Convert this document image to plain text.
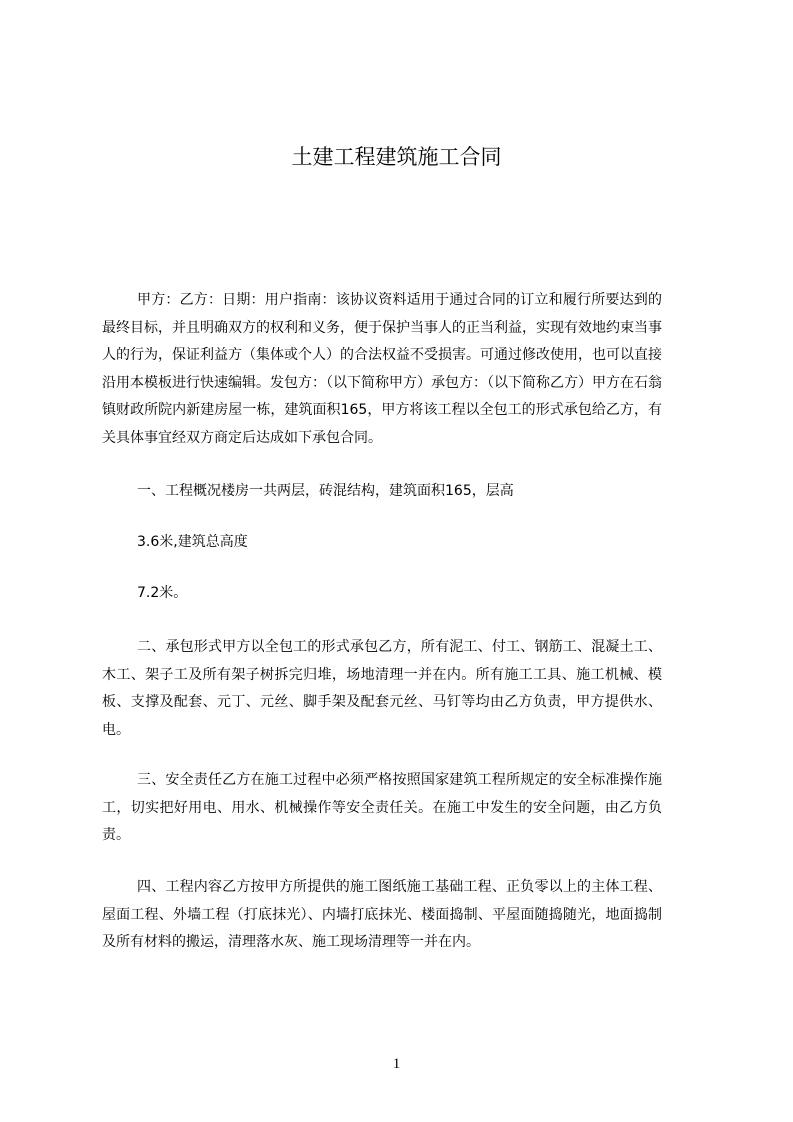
土建工程建筑施工合同

甲方：乙方：日期：用户指南：该协议资料适用于通过合同的订立和履行所要达到的最终目标，并且明确双方的权利和义务，便于保护当事人的正当利益，实现有效地约束当事人的行为，保证利益方（集体或个人）的合法权益不受损害。可通过修改使用，也可以直接沿用本模板进行快速编辑。发包方：（以下简称甲方）承包方：（以下简称乙方）甲方在石翁镇财政所院内新建房屋一栋，建筑面积165，甲方将该工程以全包工的形式承包给乙方，有关具体事宜经双方商定后达成如下承包合同。

一、工程概况楼房一共两层，砖混结构，建筑面积165，层高

3.6米,建筑总高度

7.2米。

二、承包形式甲方以全包工的形式承包乙方，所有泥工、付工、钢筋工、混凝土工、木工、架子工及所有架子树拆完归堆，场地清理一并在内。所有施工工具、施工机械、模板、支撑及配套、元丁、元丝、脚手架及配套元丝、马钉等均由乙方负责，甲方提供水、电。

三、安全责任乙方在施工过程中必须严格按照国家建筑工程所规定的安全标准操作施工，切实把好用电、用水、机械操作等安全责任关。在施工中发生的安全问题，由乙方负责。

四、工程内容乙方按甲方所提供的施工图纸施工基础工程、正负零以上的主体工程、屋面工程、外墙工程（打底抹光）、内墙打底抹光、楼面捣制、平屋面随捣随光，地面捣制及所有材料的搬运，清理落水灰、施工现场清理等一并在内。

1
